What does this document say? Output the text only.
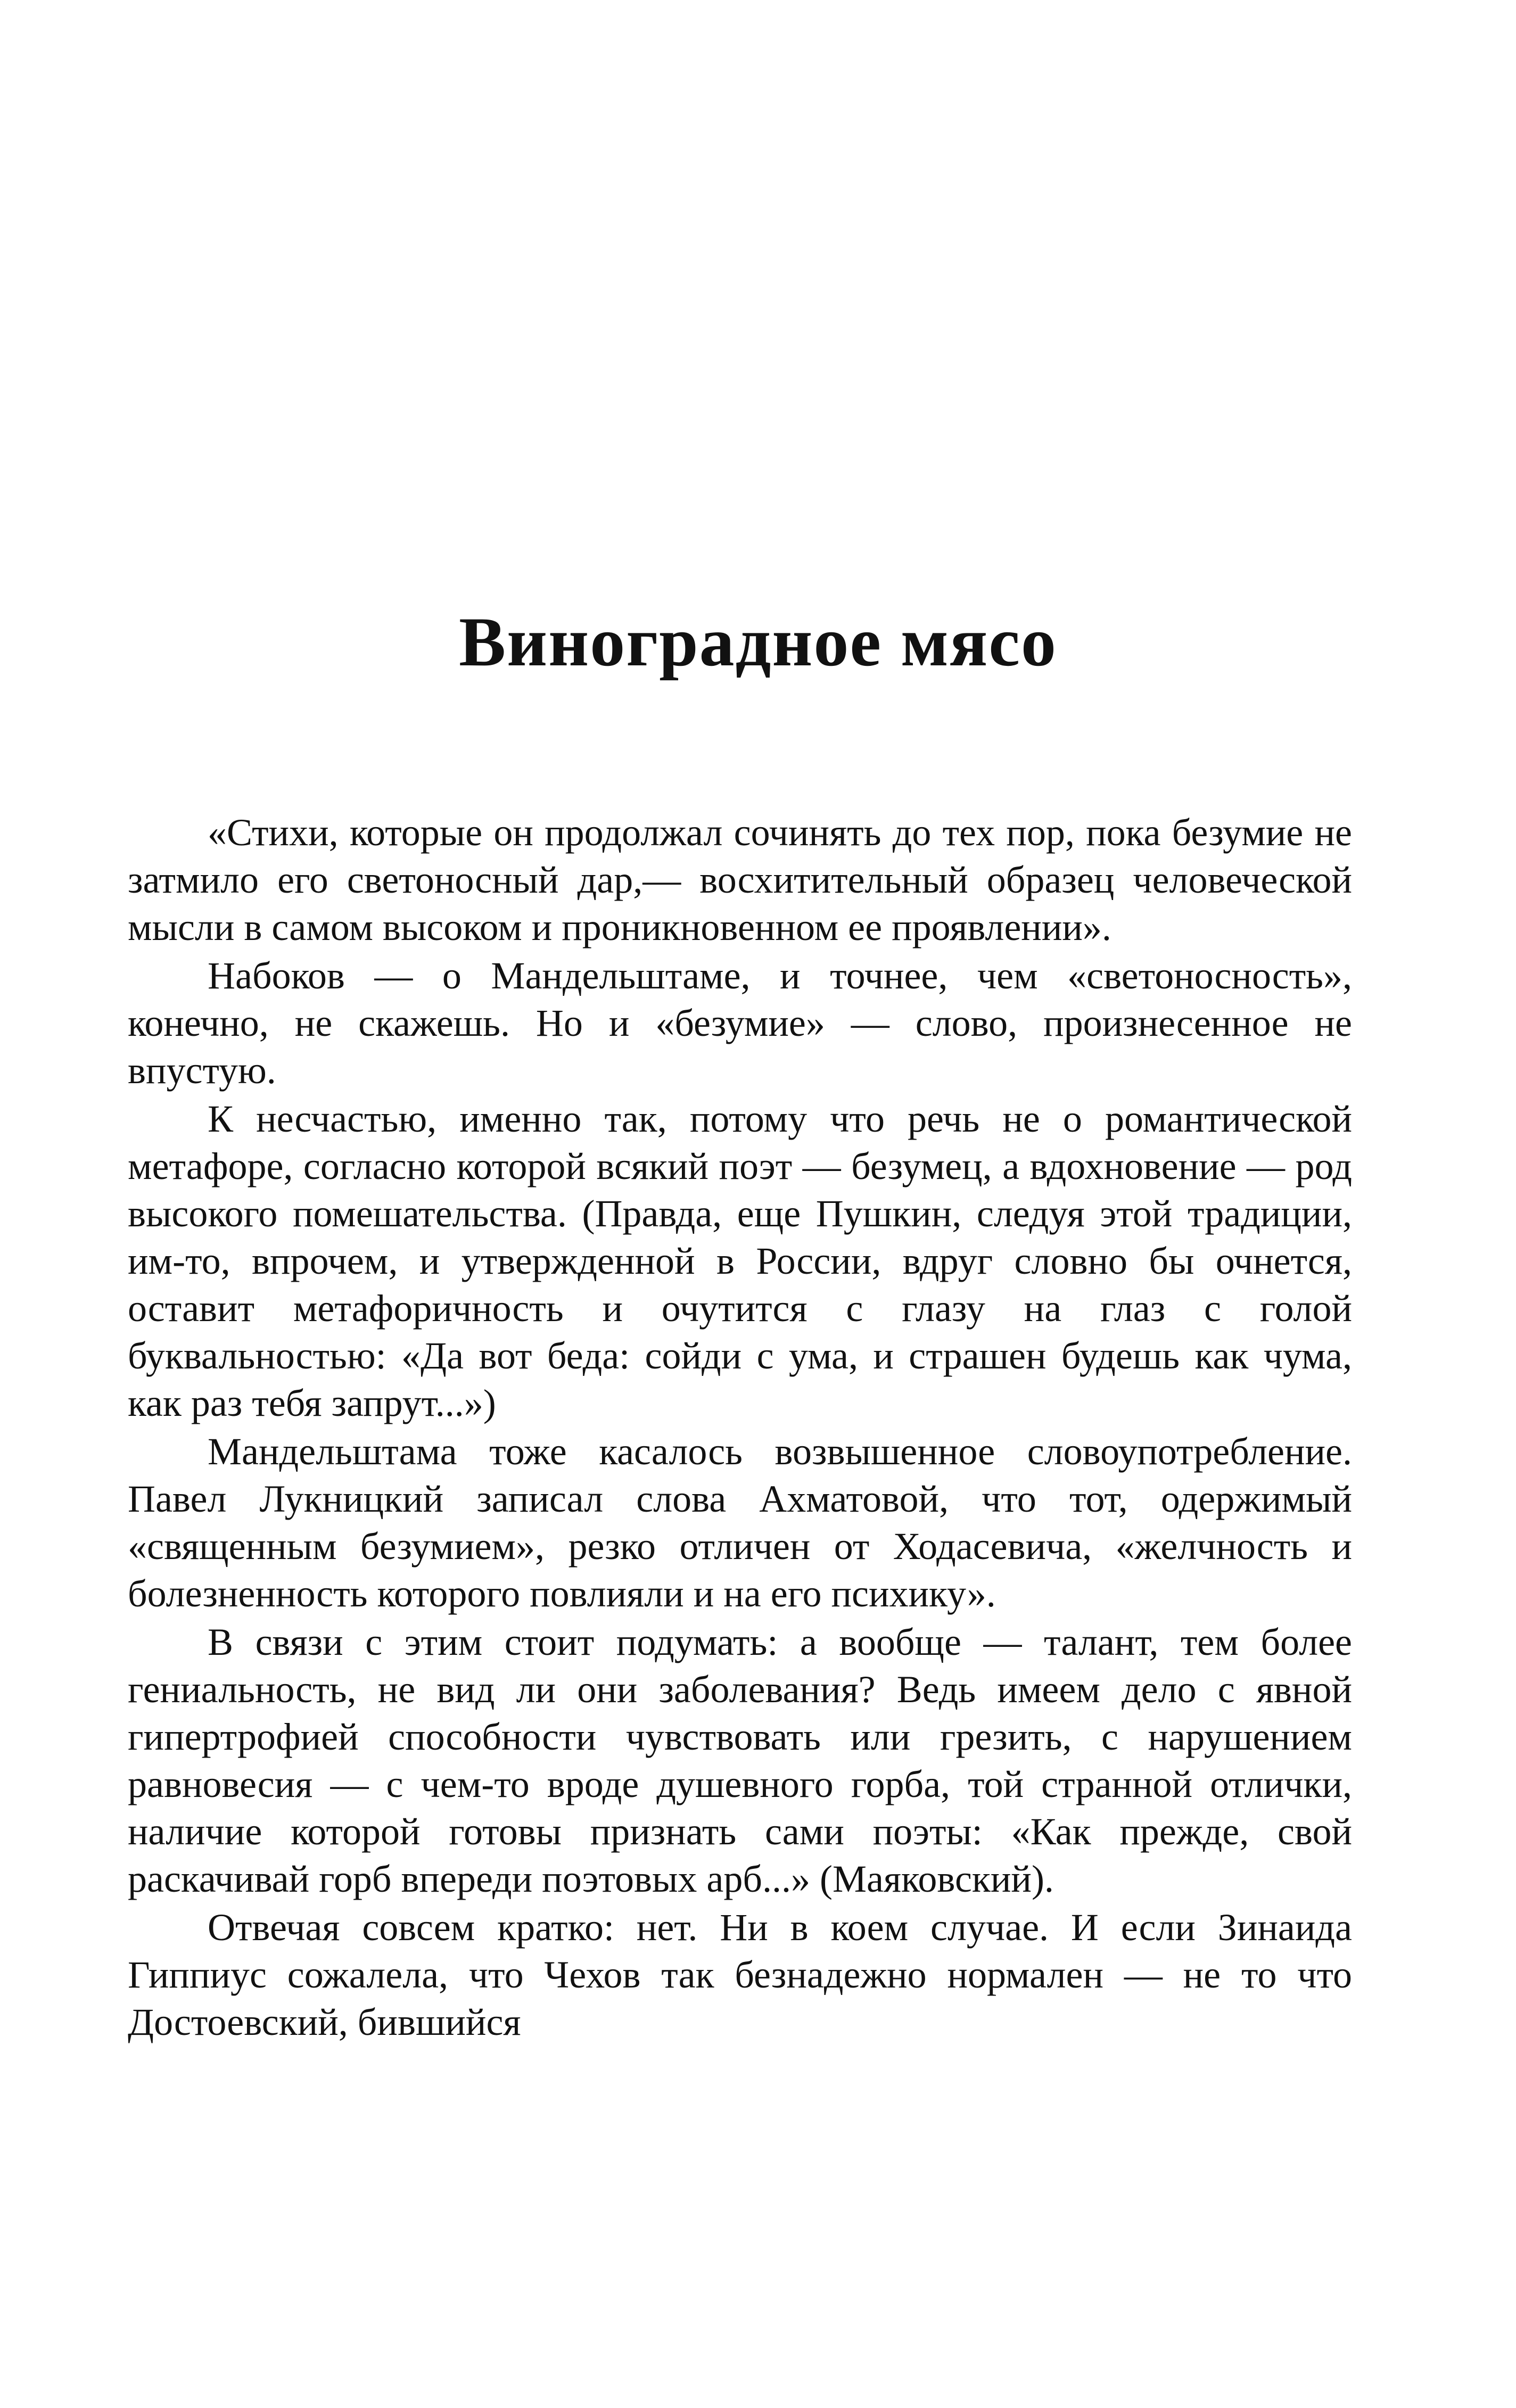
Виноградное мясо

«Стихи, которые он продолжал сочинять до тех пор, пока безумие не затмило его светоносный дар,— восхитительный образец человеческой мысли в самом высоком и проникновенном ее проявлении».

Набоков — о Мандельштаме, и точнее, чем «светоносность», конечно, не скажешь. Но и «безумие» — слово, произнесенное не впустую.

К несчастью, именно так, потому что речь не о романтической метафоре, согласно которой всякий поэт — безумец, а вдохновение — род высокого помешательства. (Правда, еще Пушкин, следуя этой традиции, им-то, впрочем, и утвержденной в России, вдруг словно бы очнется, оставит метафоричность и очутится с глазу на глаз с голой буквальностью: «Да вот беда: сойди с ума, и страшен будешь как чума, как раз тебя запрут...»)

Мандельштама тоже касалось возвышенное словоупотребление. Павел Лукницкий записал слова Ахматовой, что тот, одержимый «священным безумием», резко отличен от Ходасевича, «желчность и болезненность которого повлияли и на его психику».

В связи с этим стоит подумать: а вообще — талант, тем более гениальность, не вид ли они заболевания? Ведь имеем дело с явной гипертрофией способности чувствовать или грезить, с нарушением равновесия — с чем-то вроде душевного горба, той странной отлички, наличие которой готовы признать сами поэты: «Как прежде, свой раскачивай горб впереди поэтовых арб...» (Маяковский).

Отвечая совсем кратко: нет. Ни в коем случае. И если Зинаида Гиппиус сожалела, что Чехов так безнадежно нормален — не то что Достоевский, бившийся
